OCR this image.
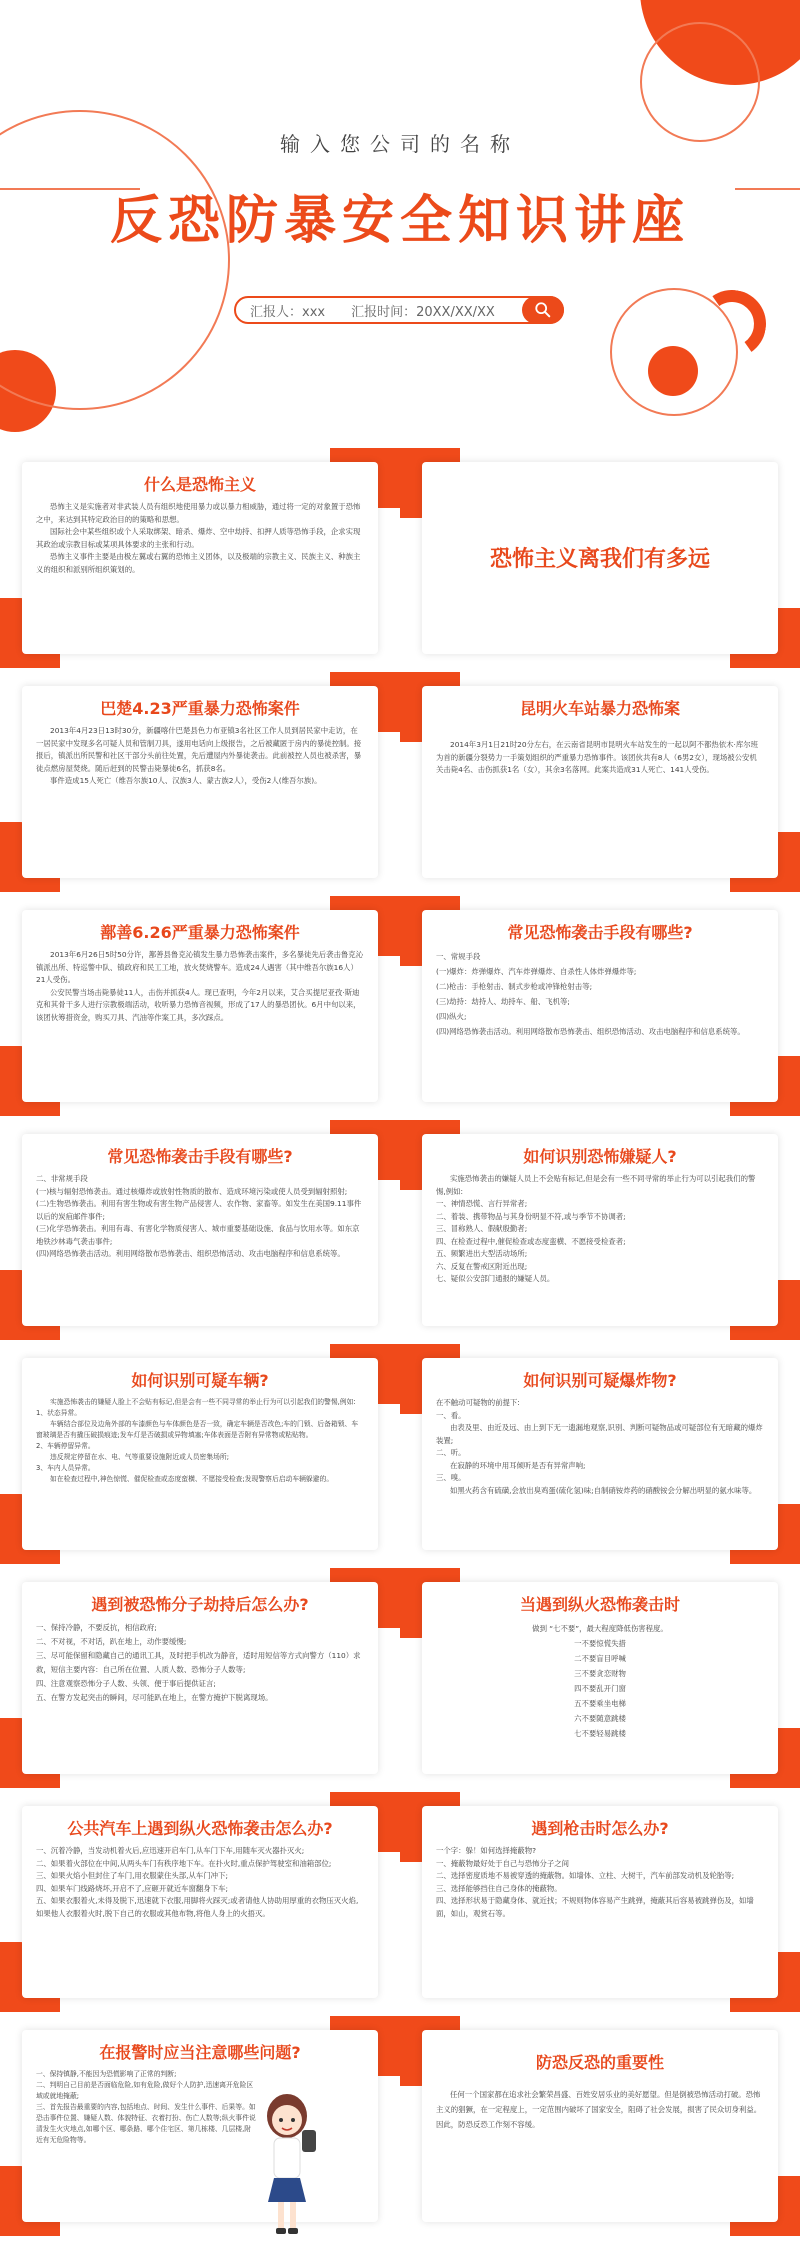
输入您公司的名称
反恐防暴安全知识讲座
汇报人：xxx 汇报时间：20XX/XX/XX
什么是恐怖主义

恐怖主义是实施者对非武装人员有组织地使用暴力或以暴力相威胁，通过将一定的对象置于恐怖之中，来达到其特定政治目的的策略和思想。

国际社会中某些组织或个人采取绑架、暗杀、爆炸、空中劫持、扣押人质等恐怖手段，企求实现其政治或宗教目标或某项具体要求的主张和行动。

恐怖主义事件主要是由极左翼或右翼的恐怖主义团体，以及极端的宗教主义、民族主义、种族主义的组织和派别所组织策划的。	恐怖主义离我们有多远
巴楚4.23严重暴力恐怖案件

2013年4月23日13时30分，新疆喀什巴楚县色力布亚镇3名社区工作人员到居民家中走访，在一居民家中发现多名可疑人员和管制刀具，遂用电话向上级报告，之后被藏匿于房内的暴徒控制。接报后，镇派出所民警和社区干部分头前往处置，先后遭屋内外暴徒袭击。此前被控人员也被杀害，暴徒点燃房屋焚烧。随后赶到的民警击毙暴徒6名，抓获8名。

事件造成15人死亡（维吾尔族10人、汉族3人、蒙古族2人），受伤2人(维吾尔族)。

昆明火车站暴力恐怖案

2014年3月1日21时20分左右，在云南省昆明市昆明火车站发生的一起以阿不都热依木·库尔班为首的新疆分裂势力一手策划组织的严重暴力恐怖事件。该团伙共有8人（6男2女），现场被公安机关击毙4名、击伤抓获1名（女），其余3名落网。此案共造成31人死亡、141人受伤。

鄯善6.26严重暴力恐怖案件

2013年6月26日5时50分许，鄯善县鲁克沁镇发生暴力恐怖袭击案件，多名暴徒先后袭击鲁克沁镇派出所、特巡警中队、镇政府和民工工地，放火焚烧警车。造成24人遇害（其中维吾尔族16人）21人受伤。

公安民警当场击毙暴徒11人，击伤并抓获4人。现已查明，今年2月以来，艾合买提尼亚孜·斯迪克和其骨干多人进行宗教极端活动，收听暴力恐怖音视频，形成了17人的暴恐团伙。6月中旬以来，该团伙筹措资金，购买刀具、汽油等作案工具，多次踩点。

常见恐怖袭击手段有哪些?

一、常规手段

(一)爆炸：炸弹爆炸、汽车炸弹爆炸、自杀性人体炸弹爆炸等;

(二)枪击：手枪射击、制式步枪或冲锋枪射击等;

(三)劫持：劫持人、劫持车、船、飞机等;

(四)纵火;

(四)网络恐怖袭击活动。利用网络散布恐怖袭击、组织恐怖活动、攻击电脑程序和信息系统等。

常见恐怖袭击手段有哪些?

二、非常规手段

(一)核与辐射恐怖袭击。通过核爆炸或放射性物质的散布、造成环境污染或使人员受到辐射照射;

(二)生物恐怖袭击。利用有害生物或有害生物产品侵害人、农作物、家畜等。如发生在美国9.11事件以后的炭疽邮件事件;

(三)化学恐怖袭击。利用有毒、有害化学物质侵害人、城市重要基础设施、食品与饮用水等。如东京地铁沙林毒气袭击事件;

(四)网络恐怖袭击活动。利用网络散布恐怖袭击、组织恐怖活动、攻击电脑程序和信息系统等。

如何识别恐怖嫌疑人?

实施恐怖袭击的嫌疑人员上不会贴有标记,但是会有一些不同寻常的举止行为可以引起我们的警惕,例如:

一、神情恐慌、言行异常者;

二、着装、携带物品与其身份明显不符,或与季节不协调者;

三、冒称熟人、假献殷勤者;

四、在检查过程中,催促检查或态度蛮横、不愿接受检查者;

五、频繁进出大型活动场所;

六、反复在警戒区附近出现;

七、疑似公安部门通报的嫌疑人员。

如何识别可疑车辆?

实施恐怖袭击的嫌疑人脸上不会贴有标记,但是会有一些不同寻常的举止行为可以引起我们的警惕,例如:

1、状态异常。

车辆结合部位及边角外部的车漆颜色与车体颜色是否一致，确定车辆是否改色;车的门锁、后备箱锁、车窗玻璃是否有撬压破损痕迹;发车灯是否破损或异物填塞;车体表面是否附有异常物或粘贴物。

2、车辆停留异常。

违反规定停留在水、电、气等重要设施附近或人员密集场所;

3、车内人员异常。

如在检查过程中,神色惊慌、催促检查或态度蛮横、不愿接受检查;发现警察后启动车辆躲避的。

如何识别可疑爆炸物?

在不触动可疑物的前提下:

一、看。

由表及里、由近及远、由上到下无一遗漏地观察,识别、判断可疑物品或可疑部位有无暗藏的爆炸装置;

二、听。

在寂静的环境中用耳倾听是否有异常声响;

三、嗅。

如黑火药含有硫磺,会放出臭鸡蛋(硫化氢)味;自制硝铵炸药的硝酸铵会分解出明显的氨水味等。

遇到被恐怖分子劫持后怎么办?

一、保持冷静，不要反抗，相信政府;

二、不对视，不对话，趴在地上，动作要缓慢;

三、尽可能保留和隐藏自己的通讯工具，及时把手机改为静音，适时用短信等方式向警方（110）求救，短信主要内容：自己所在位置、人质人数、恐怖分子人数等;

四、注意观察恐怖分子人数、头领、便于事后提供证言;

五、在警方发起突击的瞬间，尽可能趴在地上，在警方掩护下脱离现场。

当遇到纵火恐怖袭击时

做到 “七不要”，最大程度降低伤害程度。

一不要惊慌失措

二不要盲目呼喊

三不要贪恋财物

四不要乱开门窗

五不要乘坐电梯

六不要随意跳楼

七不要轻易跳楼

公共汽车上遇到纵火恐怖袭击怎么办?

一、沉着冷静，当发动机着火后,应迅速开启车门,从车门下车,用随车灭火器扑灭火;

二、如果着火部位在中间,从两头车门有秩序地下车。在扑火时,重点保护驾驶室和油箱部位;

三、如果火焰小但封住了车门,用衣服蒙住头部,从车门冲下;

四、如果车门线路烧坏,开启不了,应砸开就近车窗翻身下车;

五、如果衣服着火,未得及脱下,迅速就下衣服,用脚将火踩灭;或者请他人协助用厚重的衣物压灭火焰,如果他人衣服着火时,脱下自己的衣服或其他布物,将他人身上的火捂灭。

遇到枪击时怎么办?

一个字：躲！如何选择掩蔽物?

一、掩蔽物最好处于自己与恐怖分子之间

二、选择密度质地不易被穿透的掩蔽物。如墙体、立柱、大树干，汽车前部发动机及轮胎等;

三、选择能够挡住自己身体的掩蔽物。

四、选择形状易于隐藏身体、就近找；不规则物体容易产生跳弹，掩蔽其后容易被跳弹伤及，如墙面，如山，观赏石等。

在报警时应当注意哪些问题?

一、保持镇静,不能因为恐慌影响了正常的判断;

二、判明自己目前是否面临危险,如有危险,做好个人防护,迅速离开危险区域或就地掩蔽;

三、首先报告最重要的内容,包括地点、时间、发生什么事件、后果等。如恐击事件位置、嫌疑人数、体貌特征、衣着打扮、伤亡人数等;纵火事件说清发生火灾地点,如哪个区、哪条路、哪个住宅区、第几栋楼、几层楼,附近有无危险物等。

防恐反恐的重要性

任何一个国家都在追求社会繁荣昌盛、百姓安居乐业的美好愿望。但是倒被恐怖活动打破。恐怖主义的猖獗，在一定程度上，一定范围内破坏了国家安全，阻碍了社会发展，损害了民众切身利益。因此，防恐反恐工作刻不容缓。
